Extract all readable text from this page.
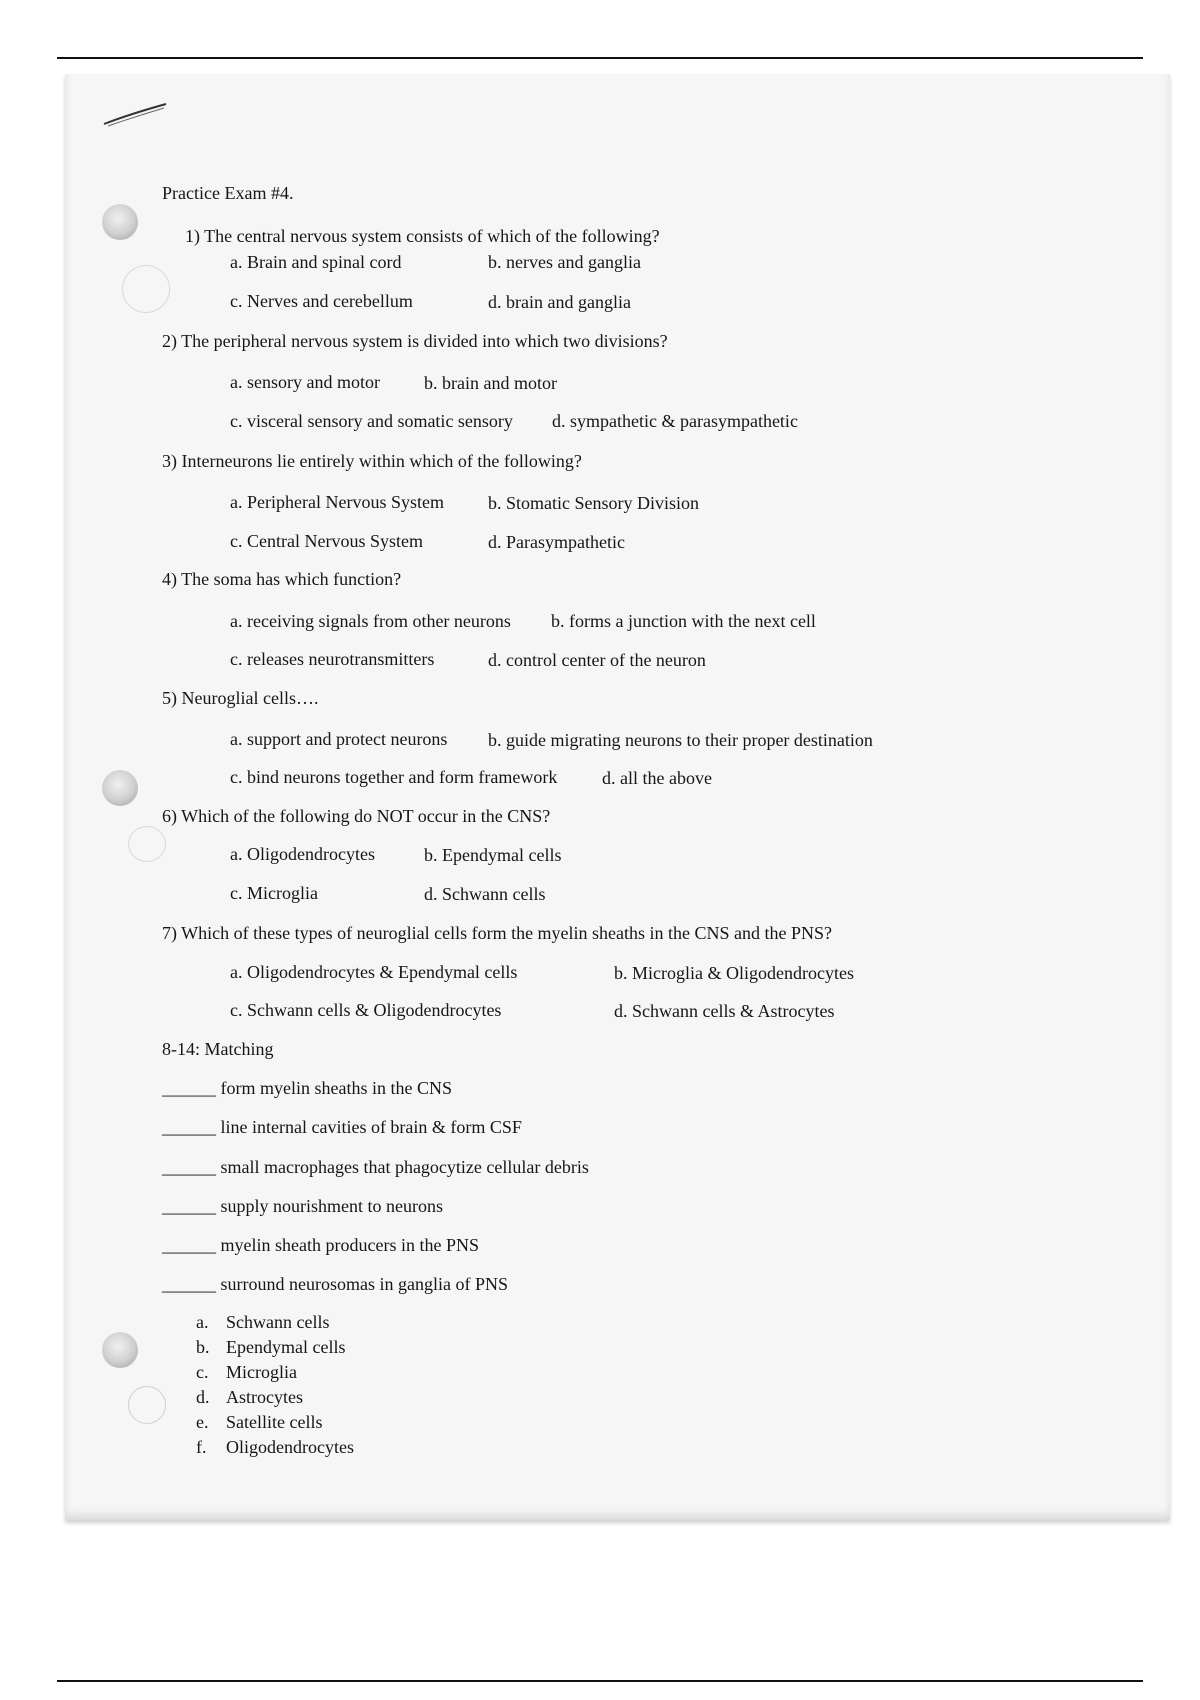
Practice Exam #4.
1) The central nervous system consists of which of the following?
a. Brain and spinal cord	b. nerves and ganglia
c. Nerves and cerebellum	d. brain and ganglia
2) The peripheral nervous system is divided into which two divisions?
a. sensory and motor b. brain and motor
c. visceral sensory and somatic sensory d. sympathetic & parasympathetic
3) Interneurons lie entirely within which of the following?
a. Peripheral Nervous System b. Stomatic Sensory Division
c. Central Nervous System	d. Parasympathetic
4) The soma has which function?
a. receiving signals from other neurons b. forms a junction with the next cell
c. releases neurotransmitters	d. control center of the neuron
5) Neuroglial cells….
a. support and protect neurons b. guide migrating neurons to their proper destination
c. bind neurons together and form framework d. all the above
6) Which of the following do NOT occur in the CNS?
a. Oligodendrocytes	b. Ependymal cells
c. Microglia	d. Schwann cells
7) Which of these types of neuroglial cells form the myelin sheaths in the CNS and the PNS?
a. Oligodendrocytes & Ependymal cells	b. Microglia & Oligodendrocytes
c. Schwann cells & Oligodendrocytes	d. Schwann cells & Astrocytes
8-14: Matching
______ form myelin sheaths in the CNS
______ line internal cavities of brain & form CSF
______ small macrophages that phagocytize cellular debris
______ supply nourishment to neurons
______ myelin sheath producers in the PNS
______ surround neurosomas in ganglia of PNS
a. Schwann cells
b. Ependymal cells
c. Microglia
d. Astrocytes
e. Satellite cells
f. Oligodendrocytes
